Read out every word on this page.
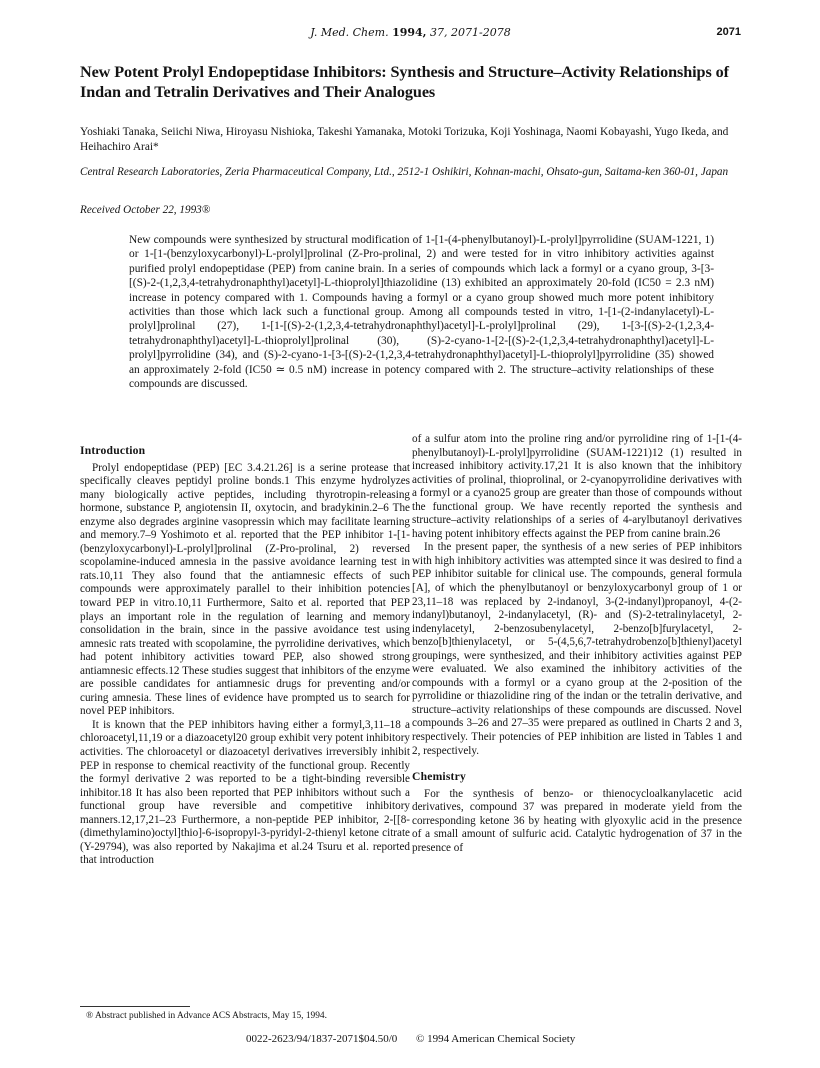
J. Med. Chem. 1994, 37, 2071-2078	2071
New Potent Prolyl Endopeptidase Inhibitors: Synthesis and Structure–Activity Relationships of Indan and Tetralin Derivatives and Their Analogues
Yoshiaki Tanaka, Seiichi Niwa, Hiroyasu Nishioka, Takeshi Yamanaka, Motoki Torizuka, Koji Yoshinaga, Naomi Kobayashi, Yugo Ikeda, and Heihachiro Arai*
Central Research Laboratories, Zeria Pharmaceutical Company, Ltd., 2512-1 Oshikiri, Kohnan-machi, Ohsato-gun, Saitama-ken 360-01, Japan
Received October 22, 1993®
New compounds were synthesized by structural modification of 1-[1-(4-phenylbutanoyl)-L-prolyl]pyrrolidine (SUAM-1221, 1) or 1-[1-(benzyloxycarbonyl)-L-prolyl]prolinal (Z-Pro-prolinal, 2) and were tested for in vitro inhibitory activities against purified prolyl endopeptidase (PEP) from canine brain. In a series of compounds which lack a formyl or a cyano group, 3-[3-[(S)-2-(1,2,3,4-tetrahydronaphthyl)acetyl]-L-thioprolyl]thiazolidine (13) exhibited an approximately 20-fold (IC50 = 2.3 nM) increase in potency compared with 1. Compounds having a formyl or a cyano group showed much more potent inhibitory activities than those which lack such a functional group. Among all compounds tested in vitro, 1-[1-(2-indanylacetyl)-L-prolyl]prolinal (27), 1-[1-[(S)-2-(1,2,3,4-tetrahydronaphthyl)acetyl]-L-prolyl]prolinal (29), 1-[3-[(S)-2-(1,2,3,4-tetrahydronaphthyl)acetyl]-L-thioprolyl]prolinal (30), (S)-2-cyano-1-[2-[(S)-2-(1,2,3,4-tetrahydronaphthyl)acetyl]-L-prolyl]pyrrolidine (34), and (S)-2-cyano-1-[3-[(S)-2-(1,2,3,4-tetrahydronaphthyl)acetyl]-L-thioprolyl]pyrrolidine (35) showed an approximately 2-fold (IC50 ≃ 0.5 nM) increase in potency compared with 2. The structure–activity relationships of these compounds are discussed.
Introduction

Prolyl endopeptidase (PEP) [EC 3.4.21.26] is a serine protease that specifically cleaves peptidyl proline bonds.1 This enzyme hydrolyzes many biologically active peptides, including thyrotropin-releasing hormone, substance P, angiotensin II, oxytocin, and bradykinin.2–6 The enzyme also degrades arginine vasopressin which may facilitate learning and memory.7–9 Yoshimoto et al. reported that the PEP inhibitor 1-[1-(benzyloxycarbonyl)-L-prolyl]prolinal (Z-Pro-prolinal, 2) reversed scopolamine-induced amnesia in the passive avoidance learning test in rats.10,11 They also found that the antiamnesic effects of such compounds were approximately parallel to their inhibition potencies toward PEP in vitro.10,11 Furthermore, Saito et al. reported that PEP plays an important role in the regulation of learning and memory consolidation in the brain, since in the passive avoidance test using amnesic rats treated with scopolamine, the pyrrolidine derivatives, which had potent inhibitory activities toward PEP, also showed strong antiamnesic effects.12 These studies suggest that inhibitors of the enzyme are possible candidates for antiamnesic drugs for preventing and/or curing amnesia. These lines of evidence have prompted us to search for novel PEP inhibitors.

It is known that the PEP inhibitors having either a formyl,3,11–18 a chloroacetyl,11,19 or a diazoacetyl20 group exhibit very potent inhibitory activities. The chloroacetyl or diazoacetyl derivatives irreversibly inhibit PEP in response to chemical reactivity of the functional group. Recently the formyl derivative 2 was reported to be a tight-binding reversible inhibitor.18 It has also been reported that PEP inhibitors without such a functional group have reversible and competitive inhibitory manners.12,17,21–23 Furthermore, a non-peptide PEP inhibitor, 2-[[8-(dimethylamino)octyl]thio]-6-isopropyl-3-pyridyl-2-thienyl ketone citrate (Y-29794), was also reported by Nakajima et al.24 Tsuru et al. reported that introduction

of a sulfur atom into the proline ring and/or pyrrolidine ring of 1-[1-(4-phenylbutanoyl)-L-prolyl]pyrrolidine (SUAM-1221)12 (1) resulted in increased inhibitory activity.17,21 It is also known that the inhibitory activities of prolinal, thioprolinal, or 2-cyanopyrrolidine derivatives with a formyl or a cyano25 group are greater than those of compounds without the functional group. We have recently reported the synthesis and structure–activity relationships of a series of 4-arylbutanoyl derivatives having potent inhibitory effects against the PEP from canine brain.26

In the present paper, the synthesis of a new series of PEP inhibitors with high inhibitory activities was attempted since it was desired to find a PEP inhibitor suitable for clinical use. The compounds, general formula [A], of which the phenylbutanoyl or benzyloxycarbonyl group of 1 or 23,11–18 was replaced by 2-indanoyl, 3-(2-indanyl)propanoyl, 4-(2-indanyl)butanoyl, 2-indanylacetyl, (R)- and (S)-2-tetralinylacetyl, 2-indenylacetyl, 2-benzosubenylacetyl, 2-benzo[b]furylacetyl, 2-benzo[b]thienylacetyl, or 5-(4,5,6,7-tetrahydrobenzo[b]thienyl)acetyl groupings, were synthesized, and their inhibitory activities against PEP were evaluated. We also examined the inhibitory activities of the compounds with a formyl or a cyano group at the 2-position of the pyrrolidine or thiazolidine ring of the indan or the tetralin derivative, and structure–activity relationships of these compounds are discussed. Novel compounds 3–26 and 27–35 were prepared as outlined in Charts 2 and 3, respectively. Their potencies of PEP inhibition are listed in Tables 1 and 2, respectively.

Chemistry

For the synthesis of benzo- or thienocycloalkanylacetic acid derivatives, compound 37 was prepared in moderate yield from the corresponding ketone 36 by heating with glyoxylic acid in the presence of a small amount of sulfuric acid. Catalytic hydrogenation of 37 in the presence of

® Abstract published in Advance ACS Abstracts, May 15, 1994.
0022-2623/94/1837-2071$04.50/0 © 1994 American Chemical Society
